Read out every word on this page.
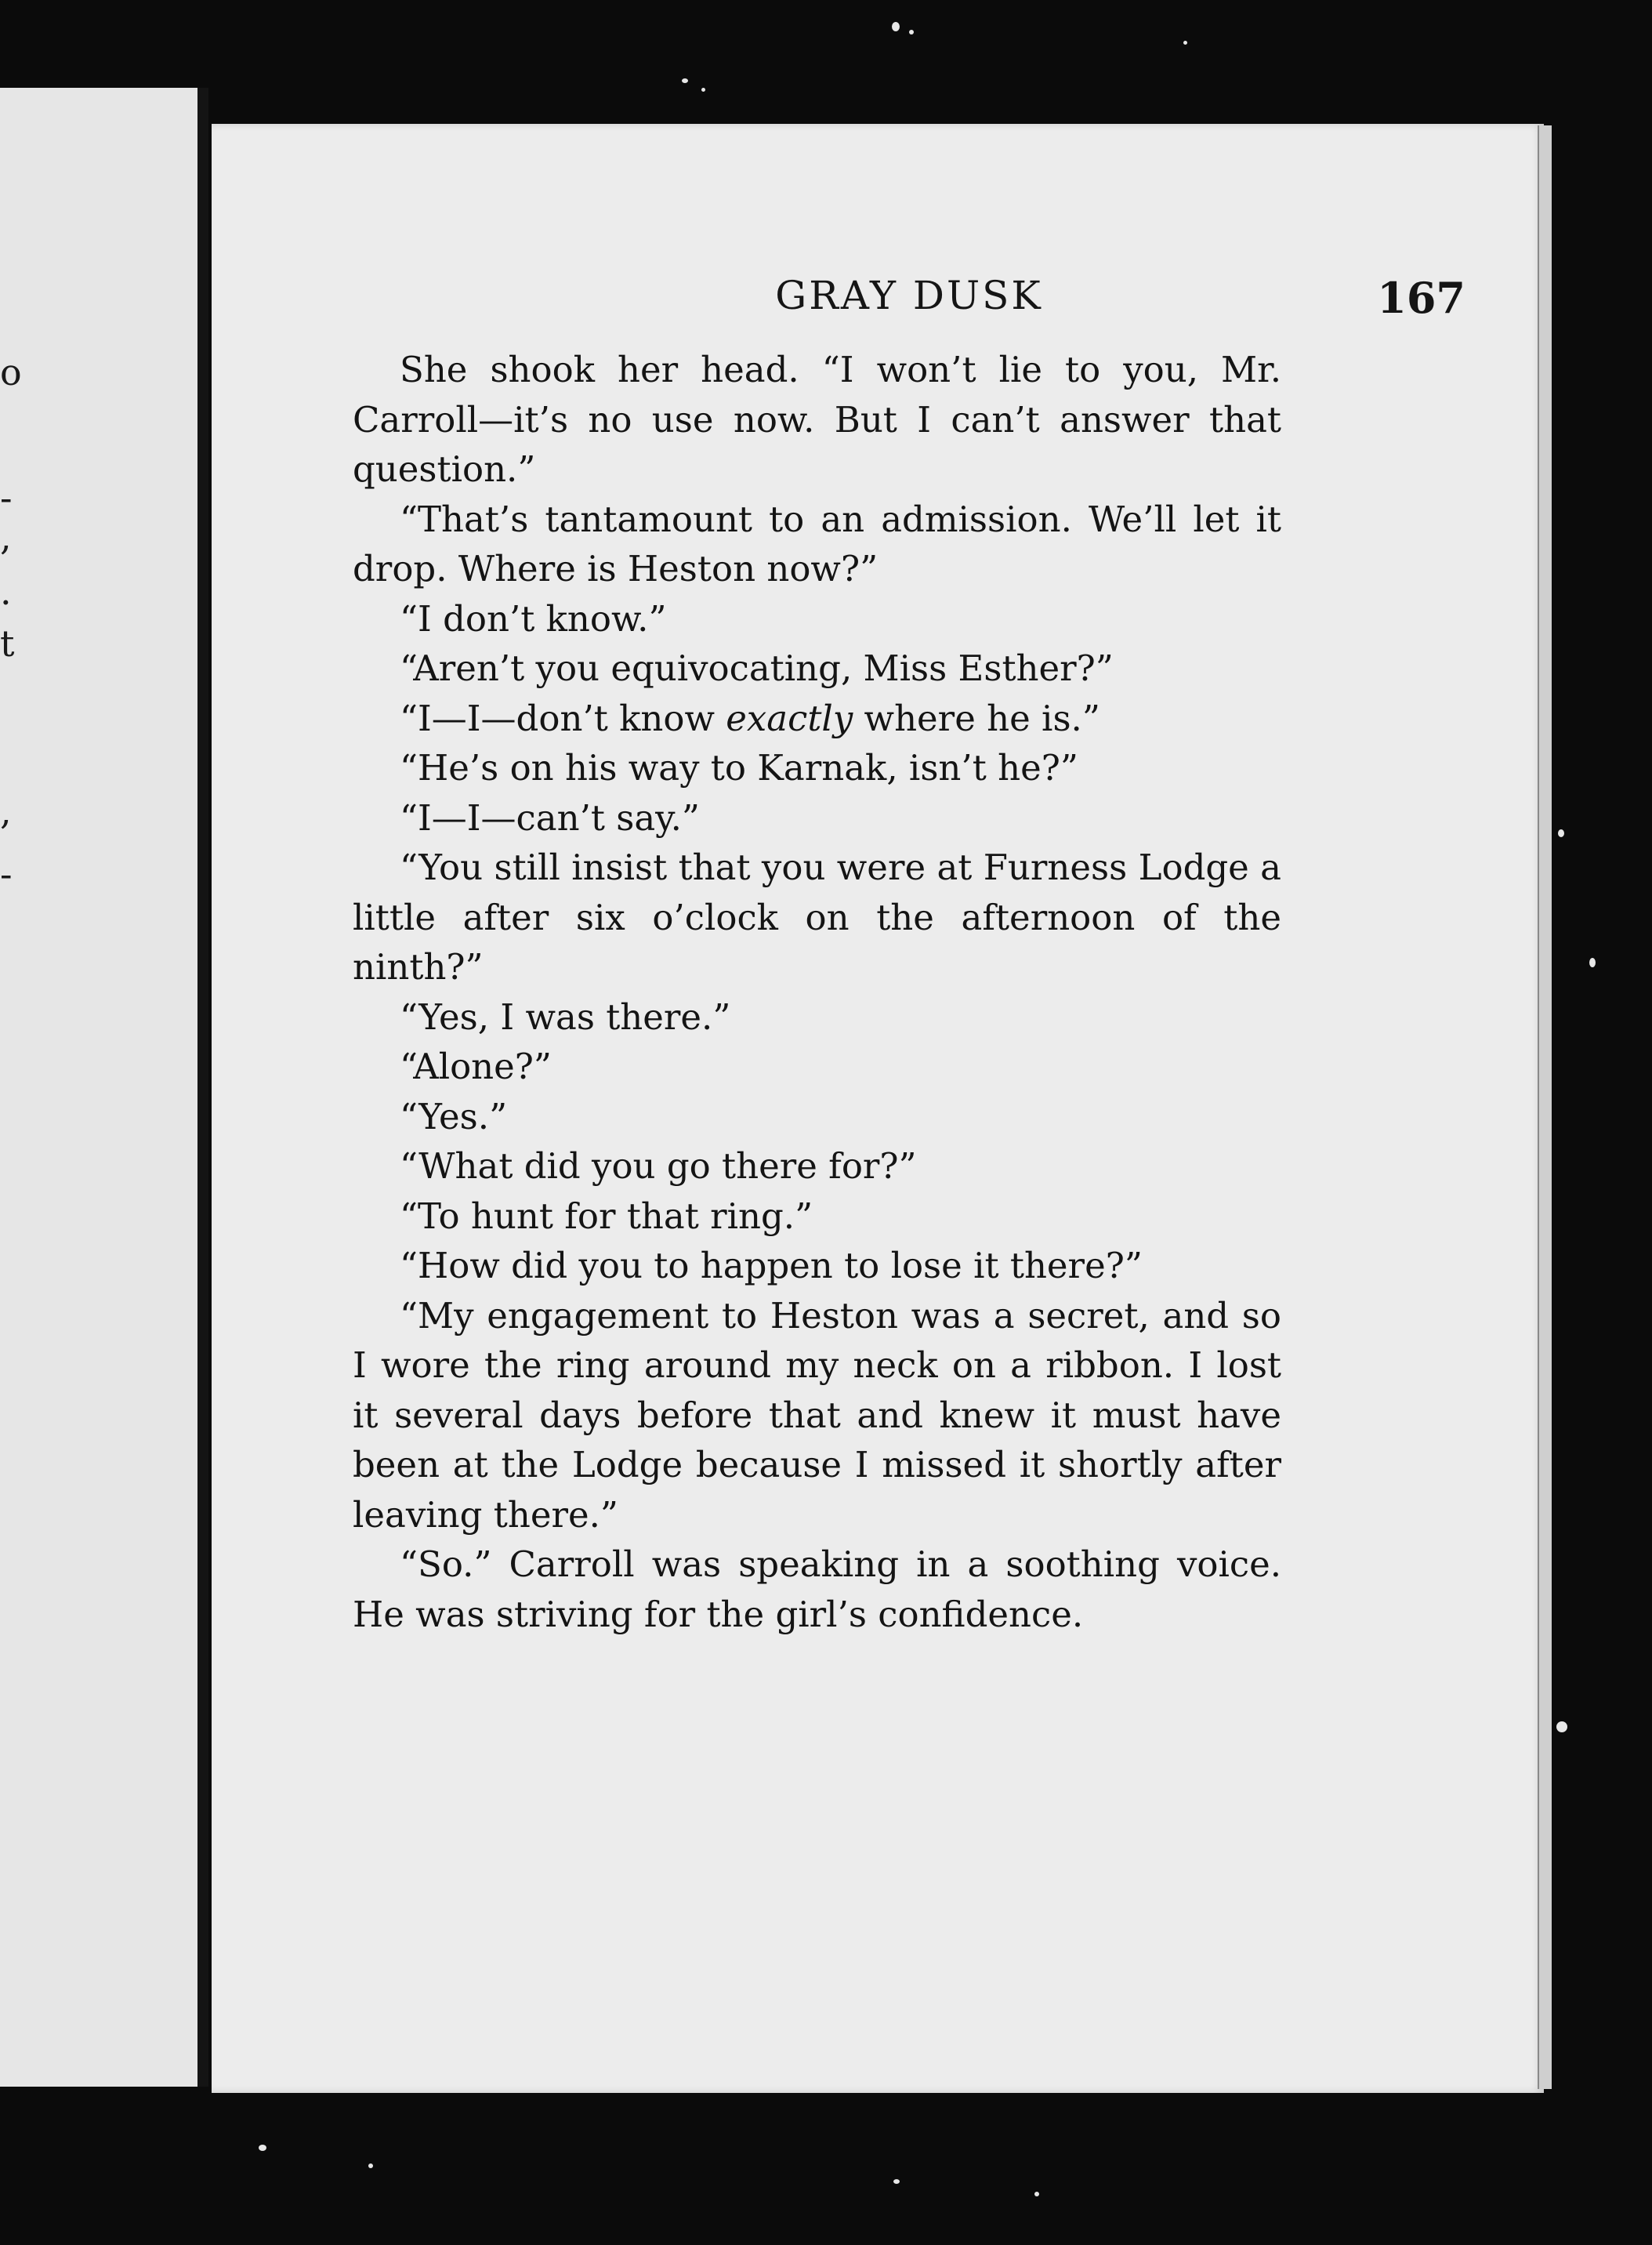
o
-
,
.
t
,
-
GRAY DUSK	167

She shook her head. “I won’t lie to you, Mr. Carroll—it’s no use now. But I can’t answer that question.”

“That’s tantamount to an admission. We’ll let it drop. Where is Heston now?”

“I don’t know.”

“Aren’t you equivocating, Miss Esther?”

“I—I—don’t know exactly where he is.”

“He’s on his way to Karnak, isn’t he?”

“I—I—can’t say.”

“You still insist that you were at Furness Lodge a little after six o’clock on the afternoon of the ninth?”

“Yes, I was there.”

“Alone?”

“Yes.”

“What did you go there for?”

“To hunt for that ring.”

“How did you to happen to lose it there?”

“My engagement to Heston was a secret, and so I wore the ring around my neck on a ribbon. I lost it several days before that and knew it must have been at the Lodge because I missed it shortly after leaving there.”

“So.” Carroll was speaking in a soothing voice. He was striving for the girl’s confidence.
